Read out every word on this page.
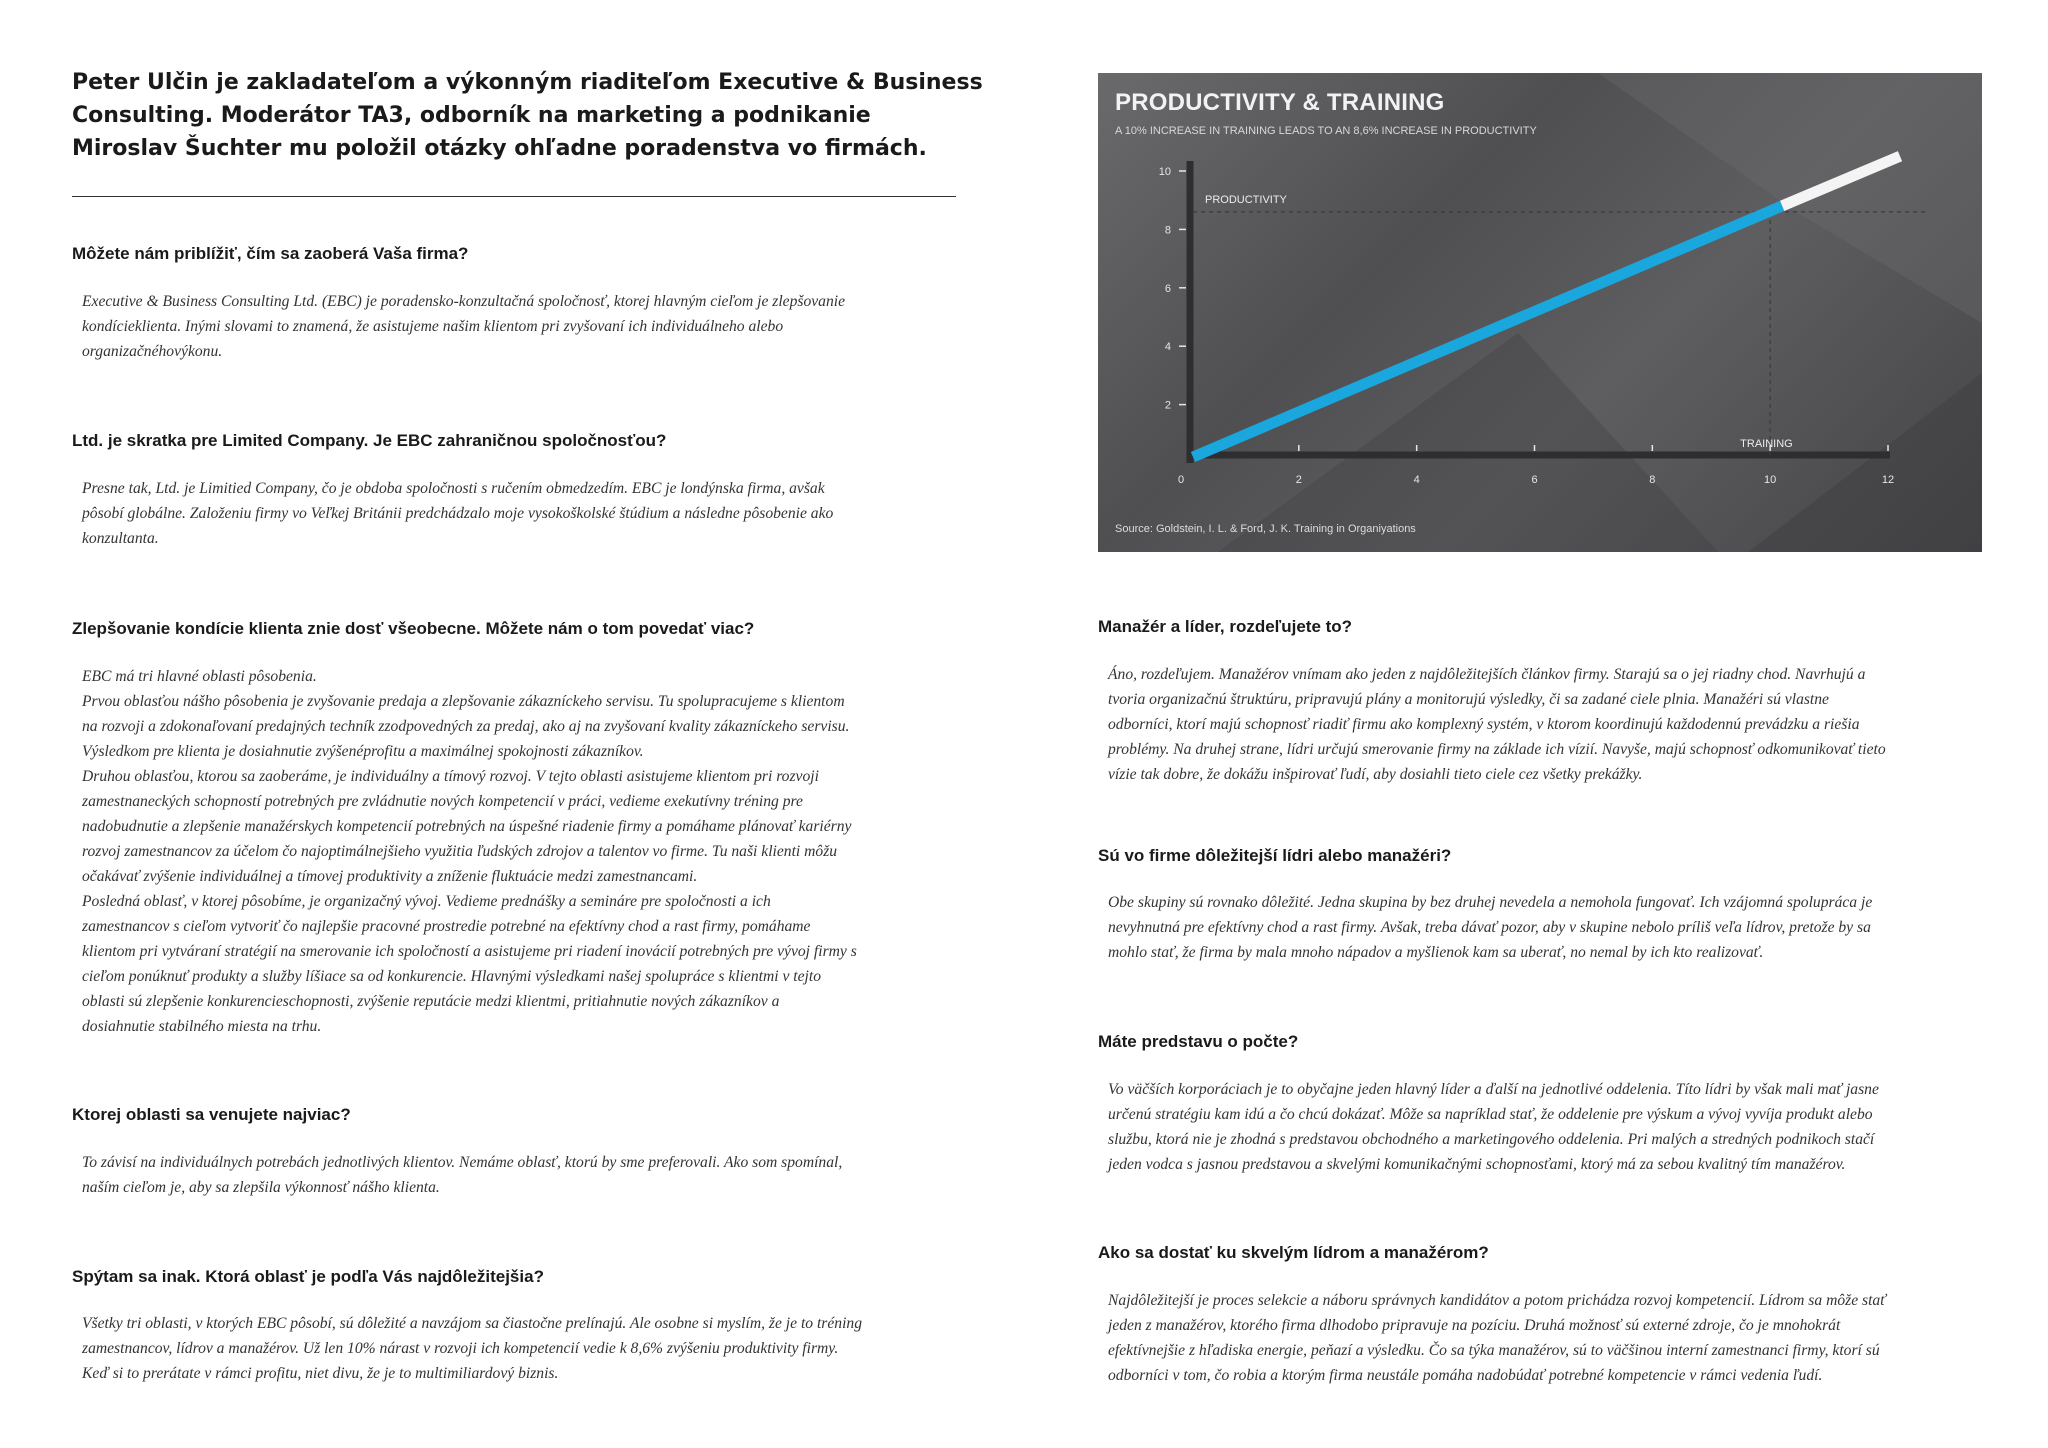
Peter Ulčin je zakladateľom a výkonným riaditeľom Executive & Business
Consulting. Moderátor TA3, odborník na marketing a podnikanie
Miroslav Šuchter mu položil otázky ohľadne poradenstva vo firmách.
Môžete nám priblížiť, čím sa zaoberá Vaša firma?
Executive & Business Consulting Ltd. (EBC) je poradensko-konzultačná spoločnosť, ktorej hlavným cieľom je zlepšovanie
kondícieklienta. Inými slovami to znamená, že asistujeme našim klientom pri zvyšovaní ich individuálneho alebo
organizačnéhovýkonu.
Ltd. je skratka pre Limited Company. Je EBC zahraničnou spoločnosťou?
Presne tak, Ltd. je Limitied Company, čo je obdoba spoločnosti s ručením obmedzedím. EBC je londýnska firma, avšak
pôsobí globálne. Založeniu firmy vo Veľkej Británii predchádzalo moje vysokoškolské štúdium a následne pôsobenie ako
konzultanta.
Zlepšovanie kondície klienta znie dosť všeobecne. Môžete nám o tom povedať viac?
EBC má tri hlavné oblasti pôsobenia.
Prvou oblasťou nášho pôsobenia je zvyšovanie predaja a zlepšovanie zákazníckeho servisu. Tu spolupracujeme s klientom
na rozvoji a zdokonaľovaní predajných techník zzodpovedných za predaj, ako aj na zvyšovaní kvality zákazníckeho servisu.
Výsledkom pre klienta je dosiahnutie zvýšenéprofitu a maximálnej spokojnosti zákazníkov.
Druhou oblasťou, ktorou sa zaoberáme, je individuálny a tímový rozvoj. V tejto oblasti asistujeme klientom pri rozvoji
zamestnaneckých schopností potrebných pre zvládnutie nových kompetencií v práci, vedieme exekutívny tréning pre
nadobudnutie a zlepšenie manažérskych kompetencií potrebných na úspešné riadenie firmy a pomáhame plánovať kariérny
rozvoj zamestnancov za účelom čo najoptimálnejšieho využitia ľudských zdrojov a talentov vo firme. Tu naši klienti môžu
očakávať zvýšenie individuálnej a tímovej produktivity a zníženie fluktuácie medzi zamestnancami.
Posledná oblasť, v ktorej pôsobíme, je organizačný vývoj. Vedieme prednášky a semináre pre spoločnosti a ich
zamestnancov s cieľom vytvoriť čo najlepšie pracovné prostredie potrebné na efektívny chod a rast firmy, pomáhame
klientom pri vytváraní stratégií na smerovanie ich spoločností a asistujeme pri riadení inovácií potrebných pre vývoj firmy s
cieľom ponúknuť produkty a služby líšiace sa od konkurencie. Hlavnými výsledkami našej spolupráce s klientmi v tejto
oblasti sú zlepšenie konkurencieschopnosti, zvýšenie reputácie medzi klientmi, pritiahnutie nových zákazníkov a
dosiahnutie stabilného miesta na trhu.
Ktorej oblasti sa venujete najviac?
To závisí na individuálnych potrebách jednotlivých klientov. Nemáme oblasť, ktorú by sme preferovali. Ako som spomínal,
naším cieľom je, aby sa zlepšila výkonnosť nášho klienta.
Spýtam sa inak. Ktorá oblasť je podľa Vás najdôležitejšia?
Všetky tri oblasti, v ktorých EBC pôsobí, sú dôležité a navzájom sa čiastočne prelínajú. Ale osobne si myslím, že je to tréning
zamestnancov, lídrov a manažérov. Už len 10% nárast v rozvoji ich kompetencií vedie k 8,6% zvýšeniu produktivity firmy.
Keď si to prerátate v rámci profitu, niet divu, že je to multimiliardový biznis.
2
4
6
8
10
0	2	4	6	8	10	12
PRODUCTIVITY
TRAINING

PRODUCTIVITY & TRAINING

A 10% INCREASE IN TRAINING LEADS TO AN 8,6% INCREASE IN PRODUCTIVITY

Source: Goldstein, I. L. & Ford, J. K. Training in Organiyations

Manažér a líder, rozdeľujete to?
Áno, rozdeľujem. Manažérov vnímam ako jeden z najdôležitejších článkov firmy. Starajú sa o jej riadny chod. Navrhujú a
tvoria organizačnú štruktúru, pripravujú plány a monitorujú výsledky, či sa zadané ciele plnia. Manažéri sú vlastne
odborníci, ktorí majú schopnosť riadiť firmu ako komplexný systém, v ktorom koordinujú každodennú prevádzku a riešia
problémy. Na druhej strane, lídri určujú smerovanie firmy na základe ich vízií. Navyše, majú schopnosť odkomunikovať tieto
vízie tak dobre, že dokážu inšpirovať ľudí, aby dosiahli tieto ciele cez všetky prekážky.
Sú vo firme dôležitejší lídri alebo manažéri?
Obe skupiny sú rovnako dôležité. Jedna skupina by bez druhej nevedela a nemohola fungovať. Ich vzájomná spolupráca je
nevyhnutná pre efektívny chod a rast firmy. Avšak, treba dávať pozor, aby v skupine nebolo príliš veľa lídrov, pretože by sa
mohlo stať, že firma by mala mnoho nápadov a myšlienok kam sa uberať, no nemal by ich kto realizovať.
Máte predstavu o počte?
Vo väčších korporáciach je to obyčajne jeden hlavný líder a ďalší na jednotlivé oddelenia. Títo lídri by však mali mať jasne
určenú stratégiu kam idú a čo chcú dokázať. Môže sa napríklad stať, že oddelenie pre výskum a vývoj vyvíja produkt alebo
službu, ktorá nie je zhodná s predstavou obchodného a marketingového oddelenia. Pri malých a stredných podnikoch stačí
jeden vodca s jasnou predstavou a skvelými komunikačnými schopnosťami, ktorý má za sebou kvalitný tím manažérov.
Ako sa dostať ku skvelým lídrom a manažérom?
Najdôležitejší je proces selekcie a náboru správnych kandidátov a potom prichádza rozvoj kompetencií. Lídrom sa môže stať
jeden z manažérov, ktorého firma dlhodobo pripravuje na pozíciu. Druhá možnosť sú externé zdroje, čo je mnohokrát
efektívnejšie z hľadiska energie, peňazí a výsledku. Čo sa týka manažérov, sú to väčšinou interní zamestnanci firmy, ktorí sú
odborníci v tom, čo robia a ktorým firma neustále pomáha nadobúdať potrebné kompetencie v rámci vedenia ľudí.
